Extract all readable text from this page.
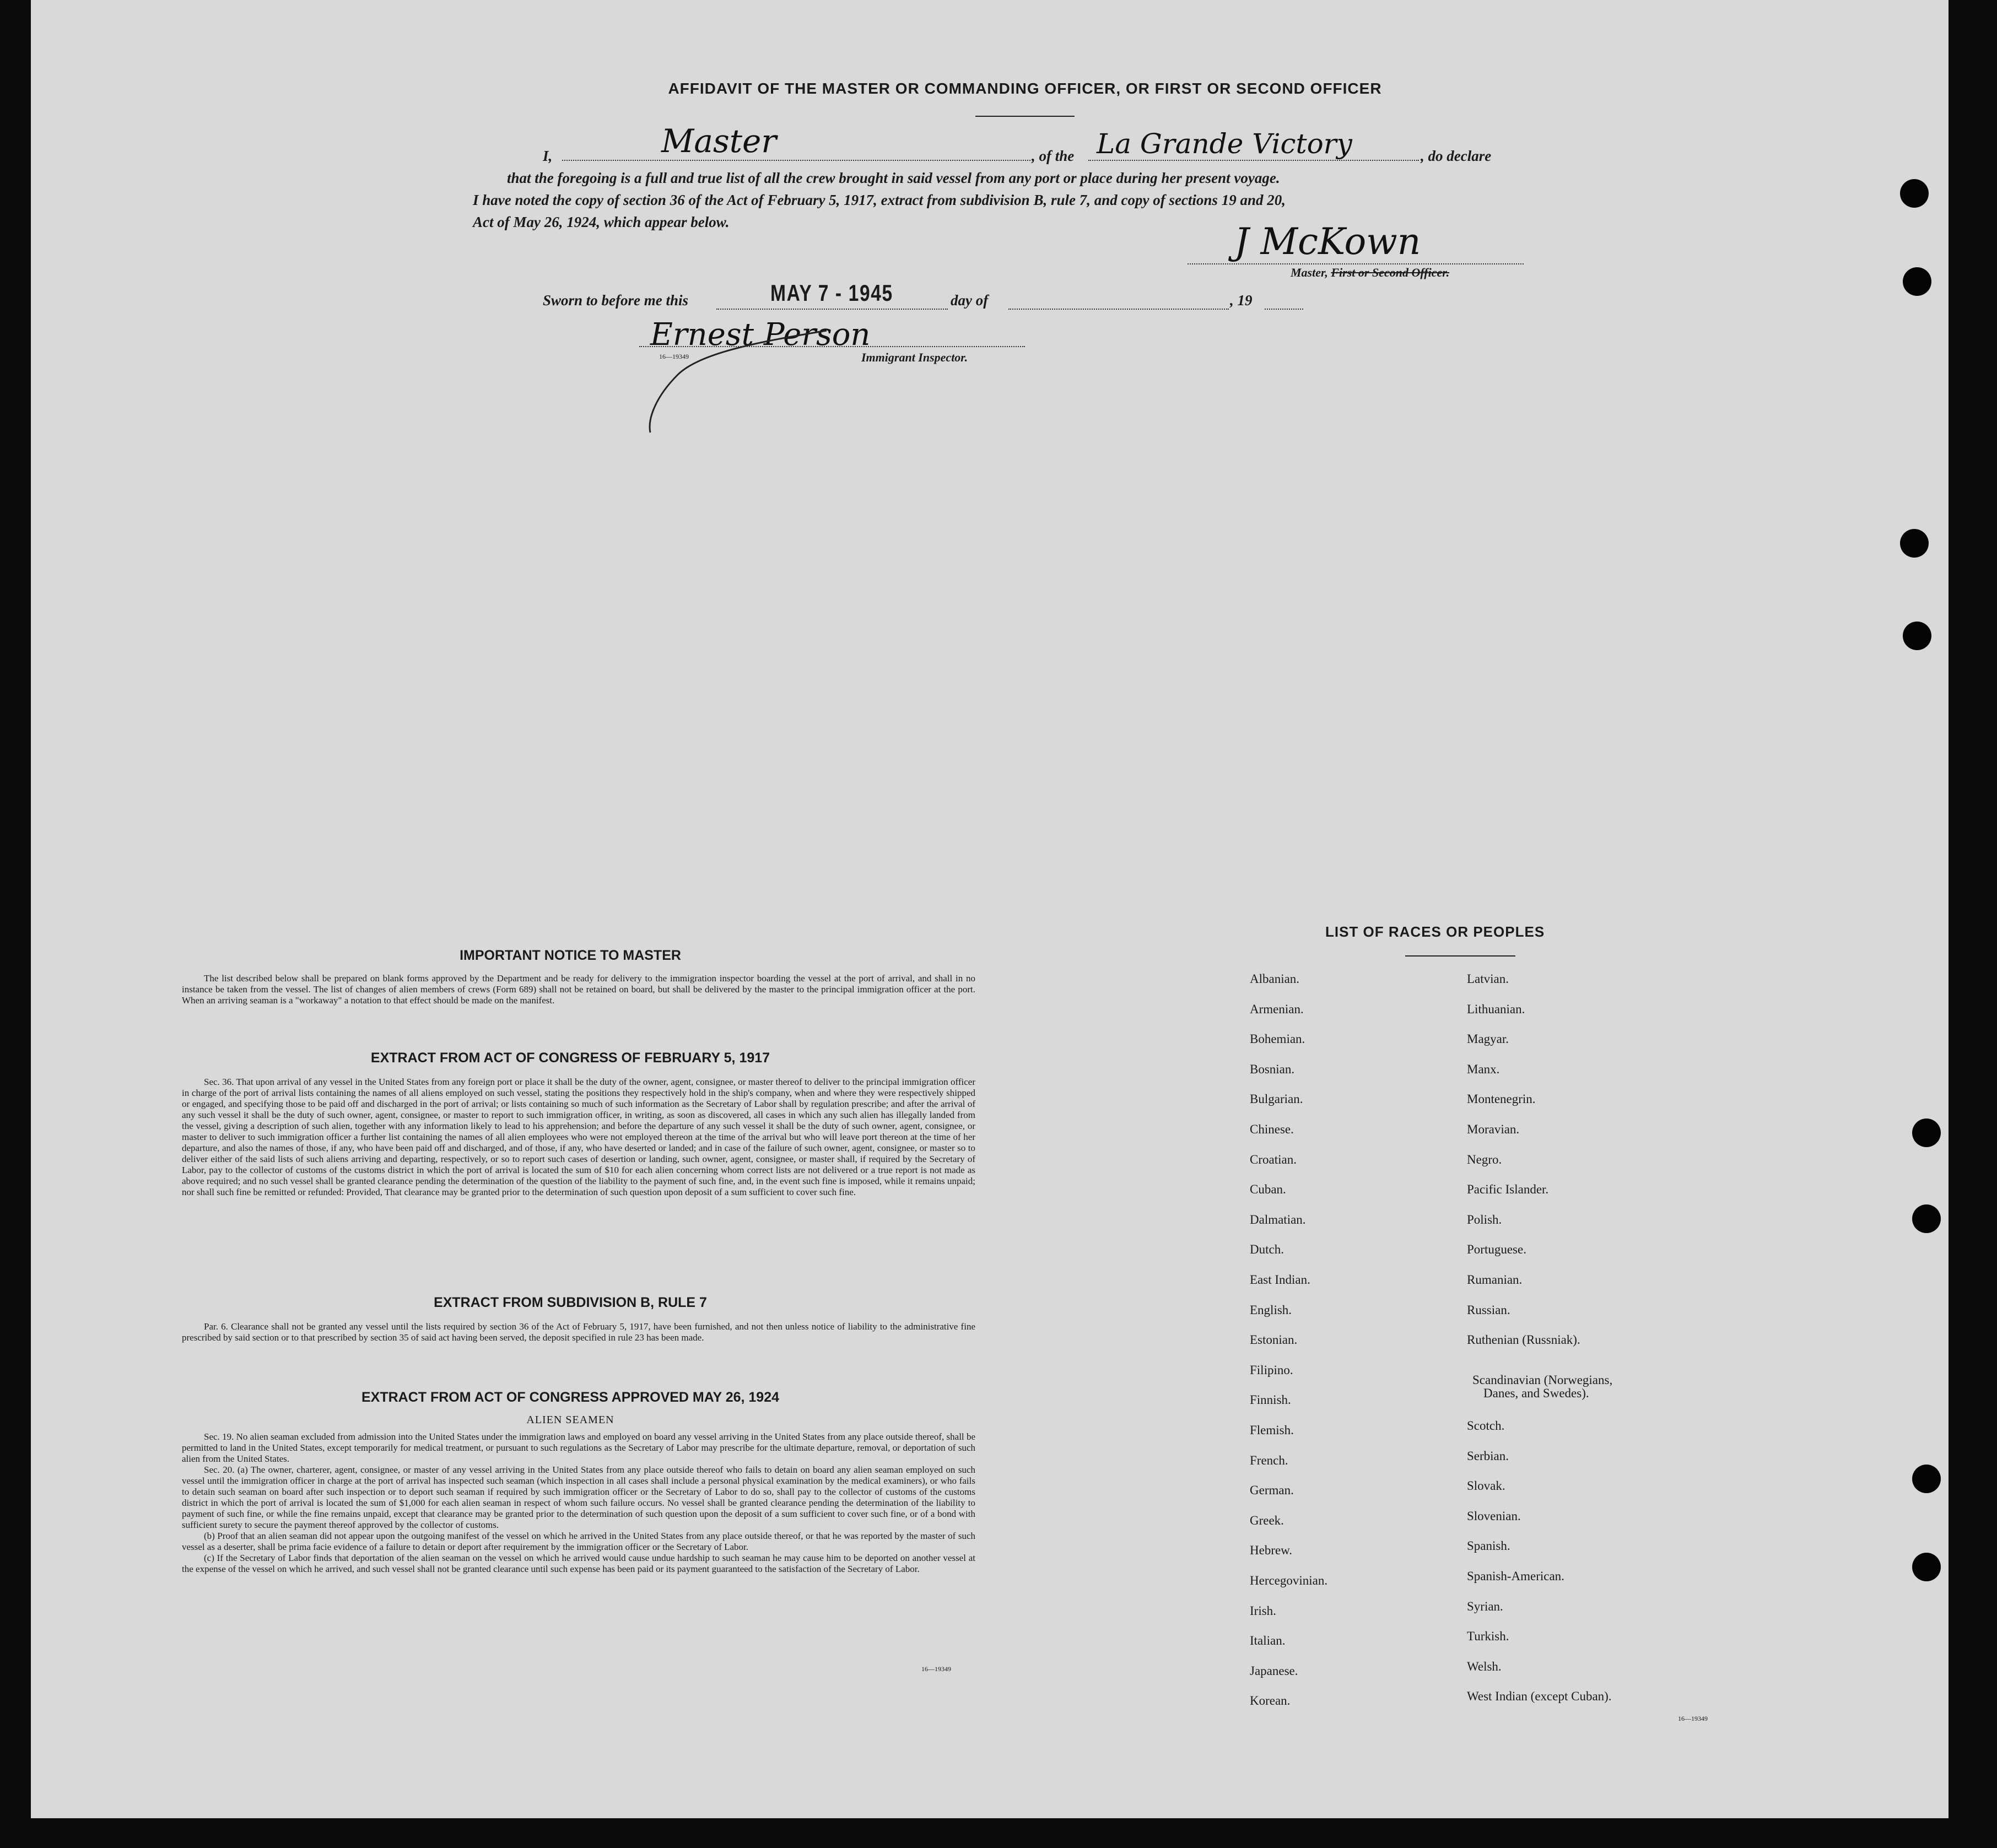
AFFIDAVIT OF THE MASTER OR COMMANDING OFFICER, OR FIRST OR SECOND OFFICER
I,	Master	, of the La Grande Victory	, do declare
that the foregoing is a full and true list of all the crew brought in said vessel from any port or place during her present voyage.
I have noted the copy of section 36 of the Act of February 5, 1917, extract from subdivision B, rule 7, and copy of sections 19 and 20,
Act of May 26, 1924, which appear below.	J McKown
Master, First or Second Officer.
Sworn to before me this	MAY 7 - 1945	day of	, 19
Ernest Person
16—19349	Immigrant Inspector.
IMPORTANT NOTICE TO MASTER

The list described below shall be prepared on blank forms approved by the Department and be ready for delivery to the immigration inspector boarding the vessel at the port of arrival, and shall in no instance be taken from the vessel. The list of changes of alien members of crews (Form 689) shall not be retained on board, but shall be delivered by the master to the principal immigration officer at the port. When an arriving seaman is a "workaway" a notation to that effect should be made on the manifest.

EXTRACT FROM ACT OF CONGRESS OF FEBRUARY 5, 1917

Sec. 36. That upon arrival of any vessel in the United States from any foreign port or place it shall be the duty of the owner, agent, consignee, or master thereof to deliver to the principal immigration officer in charge of the port of arrival lists containing the names of all aliens employed on such vessel, stating the positions they respectively hold in the ship's company, when and where they were respectively shipped or engaged, and specifying those to be paid off and discharged in the port of arrival; or lists containing so much of such information as the Secretary of Labor shall by regulation prescribe; and after the arrival of any such vessel it shall be the duty of such owner, agent, consignee, or master to report to such immigration officer, in writing, as soon as discovered, all cases in which any such alien has illegally landed from the vessel, giving a description of such alien, together with any information likely to lead to his apprehension; and before the departure of any such vessel it shall be the duty of such owner, agent, consignee, or master to deliver to such immigration officer a further list containing the names of all alien employees who were not employed thereon at the time of the arrival but who will leave port thereon at the time of her departure, and also the names of those, if any, who have been paid off and discharged, and of those, if any, who have deserted or landed; and in case of the failure of such owner, agent, consignee, or master so to deliver either of the said lists of such aliens arriving and departing, respectively, or so to report such cases of desertion or landing, such owner, agent, consignee, or master shall, if required by the Secretary of Labor, pay to the collector of customs of the customs district in which the port of arrival is located the sum of $10 for each alien concerning whom correct lists are not delivered or a true report is not made as above required; and no such vessel shall be granted clearance pending the determination of the question of the liability to the payment of such fine, and, in the event such fine is imposed, while it remains unpaid; nor shall such fine be remitted or refunded: Provided, That clearance may be granted prior to the determination of such question upon deposit of a sum sufficient to cover such fine.

EXTRACT FROM SUBDIVISION B, RULE 7

Par. 6. Clearance shall not be granted any vessel until the lists required by section 36 of the Act of February 5, 1917, have been furnished, and not then unless notice of liability to the administrative fine prescribed by said section or to that prescribed by section 35 of said act having been served, the deposit specified in rule 23 has been made.

EXTRACT FROM ACT OF CONGRESS APPROVED MAY 26, 1924
ALIEN SEAMEN

Sec. 19. No alien seaman excluded from admission into the United States under the immigration laws and employed on board any vessel arriving in the United States from any place outside thereof, shall be permitted to land in the United States, except temporarily for medical treatment, or pursuant to such regulations as the Secretary of Labor may prescribe for the ultimate departure, removal, or deportation of such alien from the United States.

Sec. 20. (a) The owner, charterer, agent, consignee, or master of any vessel arriving in the United States from any place outside thereof who fails to detain on board any alien seaman employed on such vessel until the immigration officer in charge at the port of arrival has inspected such seaman (which inspection in all cases shall include a personal physical examination by the medical examiners), or who fails to detain such seaman on board after such inspection or to deport such seaman if required by such immigration officer or the Secretary of Labor to do so, shall pay to the collector of customs of the customs district in which the port of arrival is located the sum of $1,000 for each alien seaman in respect of whom such failure occurs. No vessel shall be granted clearance pending the determination of the liability to payment of such fine, or while the fine remains unpaid, except that clearance may be granted prior to the determination of such question upon the deposit of a sum sufficient to cover such fine, or of a bond with sufficient surety to secure the payment thereof approved by the collector of customs.

(b) Proof that an alien seaman did not appear upon the outgoing manifest of the vessel on which he arrived in the United States from any place outside thereof, or that he was reported by the master of such vessel as a deserter, shall be prima facie evidence of a failure to detain or deport after requirement by the immigration officer or the Secretary of Labor.

(c) If the Secretary of Labor finds that deportation of the alien seaman on the vessel on which he arrived would cause undue hardship to such seaman he may cause him to be deported on another vessel at the expense of the vessel on which he arrived, and such vessel shall not be granted clearance until such expense has been paid or its payment guaranteed to the satisfaction of the Secretary of Labor.

16—19349
LIST OF RACES OR PEOPLES
Albanian.
Armenian.
Bohemian.
Bosnian.
Bulgarian.
Chinese.
Croatian.
Cuban.
Dalmatian.
Dutch.
East Indian.
English.
Estonian.
Filipino.
Finnish.
Flemish.
French.
German.
Greek.
Hebrew.
Hercegovinian.
Irish.
Italian.
Japanese.
Korean.
Latvian.
Lithuanian.
Magyar.
Manx.
Montenegrin.
Moravian.
Negro.
Pacific Islander.
Polish.
Portuguese.
Rumanian.
Russian.
Ruthenian (Russniak).
Scandinavian (Norwegians,
Scotch.
Serbian.
Slovak.
Slovenian.
Spanish.
Spanish-American.
Syrian.
Turkish.
Welsh.
West Indian (except Cuban).
Danes, and Swedes).
16—19349
